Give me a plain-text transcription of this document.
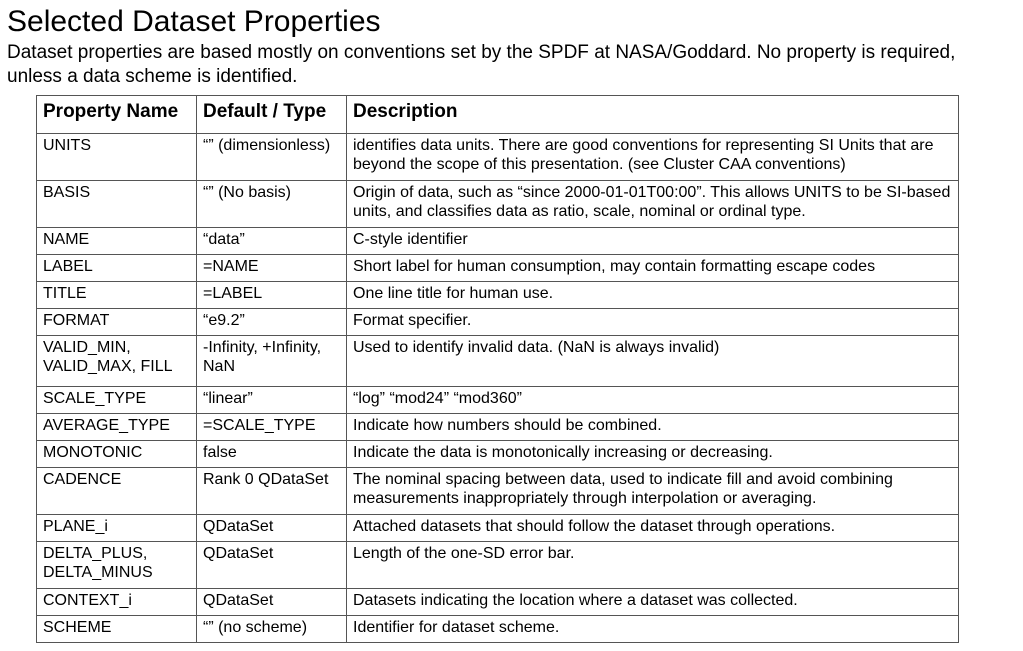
Selected Dataset Properties
Dataset properties are based mostly on conventions set by the SPDF at NASA/Goddard. No property is required, unless a data scheme is identified.
Property Name	Default / Type	Description
UNITS	“” (dimensionless)	identifies data units. There are good conventions for representing SI Units that are beyond the scope of this presentation. (see Cluster CAA conventions)
BASIS	“” (No basis)	Origin of data, such as “since 2000-01-01T00:00”. This allows UNITS to be SI-based units, and classifies data as ratio, scale, nominal or ordinal type.
NAME	“data”	C-style identifier
LABEL	=NAME	Short label for human consumption, may contain formatting escape codes
TITLE	=LABEL	One line title for human use.
FORMAT	“e9.2”	Format specifier.
VALID_MIN, VALID_MAX, FILL	-Infinity, +Infinity, NaN	Used to identify invalid data. (NaN is always invalid)
SCALE_TYPE	“linear”	“log” “mod24” “mod360”
AVERAGE_TYPE	=SCALE_TYPE	Indicate how numbers should be combined.
MONOTONIC	false	Indicate the data is monotonically increasing or decreasing.
CADENCE	Rank 0 QDataSet	The nominal spacing between data, used to indicate fill and avoid combining measurements inappropriately through interpolation or averaging.
PLANE_i	QDataSet	Attached datasets that should follow the dataset through operations.
DELTA_PLUS, DELTA_MINUS	QDataSet	Length of the one-SD error bar.
CONTEXT_i	QDataSet	Datasets indicating the location where a dataset was collected.
SCHEME	“” (no scheme)	Identifier for dataset scheme.
